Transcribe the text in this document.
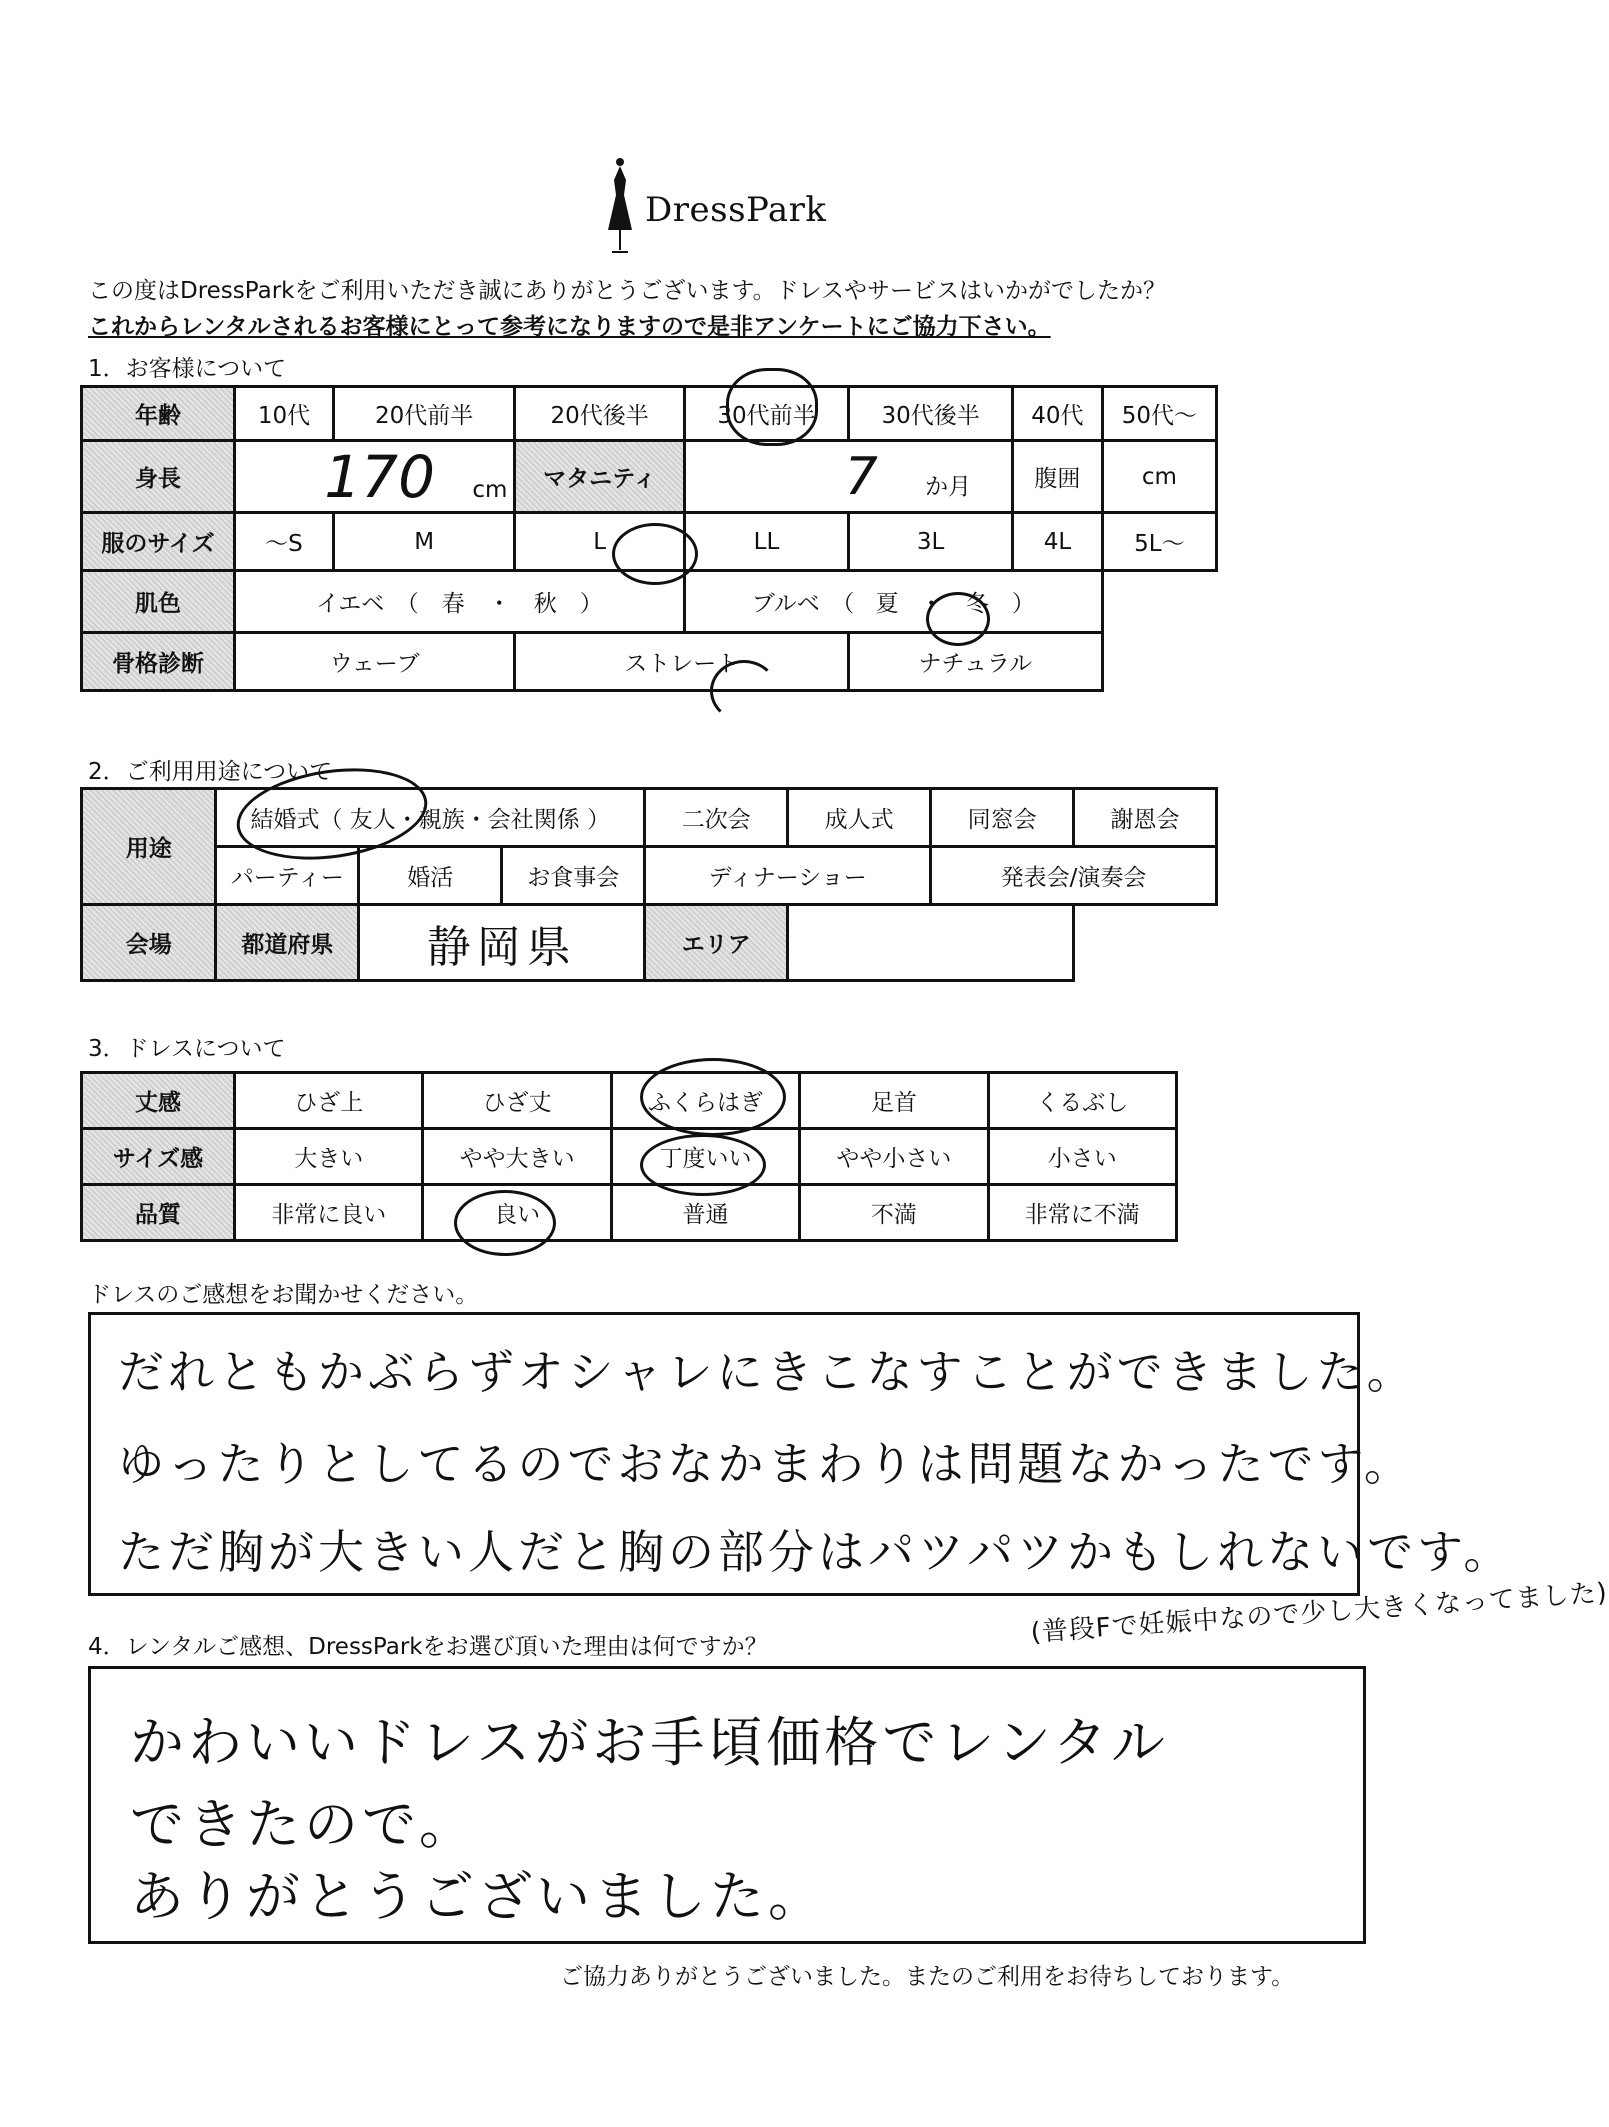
DressPark
この度はDressParkをご利用いただき誠にありがとうございます。ドレスやサービスはいかがでしたか？
これからレンタルされるお客様にとって参考になりますので是非アンケートにご協力下さい。
1．お客様について
年齢	10代	20代前半	20代後半	30代前半	30代後半	40代	50代～
身長	170 cm		マタニティ	7 か月		腹囲	cm
服のサイズ	～S	M	L	LL	3L	4L	5L～
肌色	イエベ　（　春　・　秋　）			ブルベ　（ 夏 ・　冬　）			
骨格診断	ウェーブ		ストレート		ナチュラル		
2．ご利用用途について
用途	結婚式（ 友人・親族・会社関係 ）			二次会	成人式	同窓会	謝恩会
	パーティー	婚活	お食事会	ディナーショー		発表会/演奏会	
会場	都道府県	静岡県		エリア			
3．ドレスについて
丈感	ひざ上	ひざ丈	ふくらはぎ	足首	くるぶし
サイズ感	大きい	やや大きい	丁度いい	やや小さい	小さい
品質	非常に良い	良い	普通	不満	非常に不満
ドレスのご感想をお聞かせください。
だれともかぶらずオシャレにきこなすことができました。
ゆったりとしてるのでおなかまわりは問題なかったです。
ただ胸が大きい人だと胸の部分はパツパツかもしれないです。
(普段Fで妊娠中なので少し大きくなってました)
4．レンタルご感想、DressParkをお選び頂いた理由は何ですか？
かわいいドレスがお手頃価格でレンタル
できたので。
ありがとうございました。
ご協力ありがとうございました。またのご利用をお待ちしております。
